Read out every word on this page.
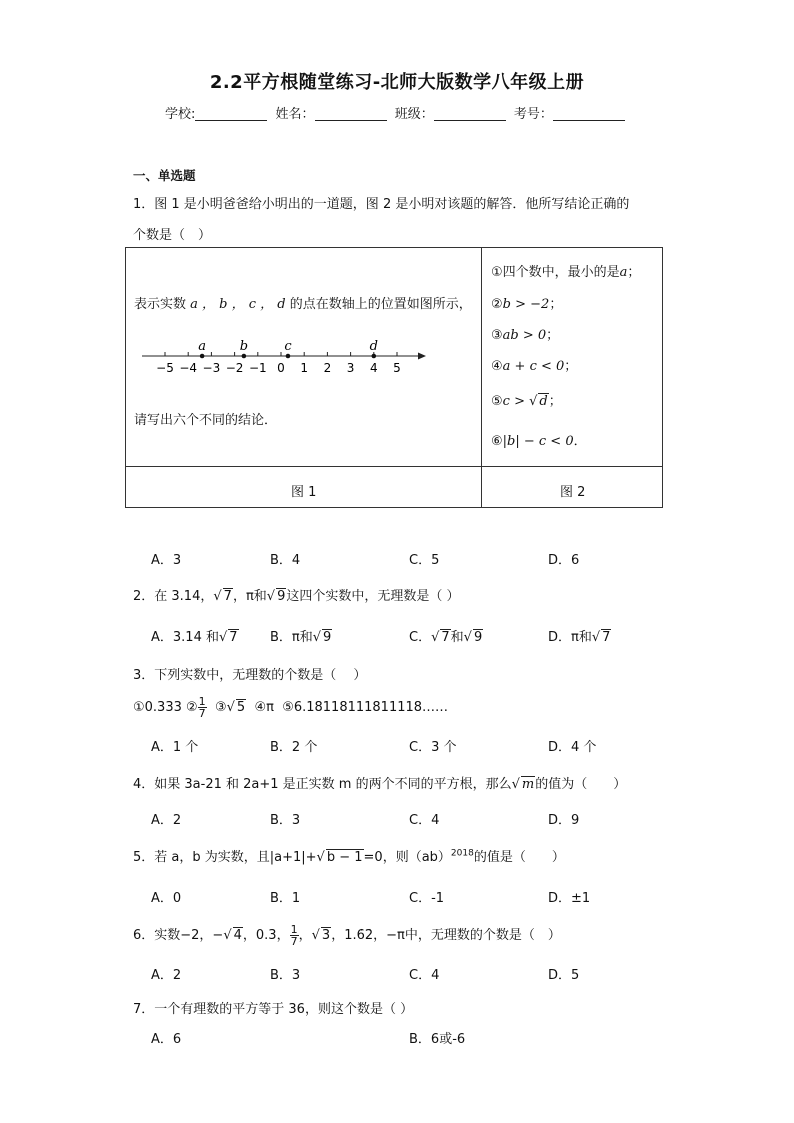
2.2平方根随堂练习-北师大版数学八年级上册
学校:	姓名：	班级：	考号：
一、单选题
1．图 1 是小明爸爸给小明出的一道题，图 2 是小明对该题的解答．他所写结论正确的
个数是（　）
表示实数 a ， b ， c ， d 的点在数轴上的位置如图所示，
−5 −4 −3 −2 −1 0 1 2 3 4 5
a	b	c	d
请写出六个不同的结论．
图 1	图 2
①四个数中，最小的是a；
②b > −2；
③ab > 0；
④a + c < 0；
⑤c > √ d；
⑥|b| − c < 0．
A．3	B．4	C．5	D．6
2．在 3.14，√ 7，π和√ 9这四个实数中，无理数是（ ）
A．3.14 和√ 7 B．π和√ 9	C．√ 7和√ 9	D．π和√ 7
3．下列实数中，无理数的个数是（　 ）
①0.333 ② $\frac{1}{7}$ ③√ 5 ④π ⑤6.18118111811118……
A．1 个	B．2 个	C．3 个	D．4 个
4．如果 3a-21 和 2a+1 是正实数 m 的两个不同的平方根，那么√ m的值为（　　）
A．2	B．3	C．4	D．9
5．若 a，b 为实数，且|a+1|+√ b − 1=0，则（ab）$^{2018}$的值是（　　）
A．0	B．1	C．-1	D．±1
6．实数−2，−√ 4，0.3， $\frac{1}{7}$ ，√ 3，1.6̇2̇，−π中，无理数的个数是（　）
A．2	B．3	C．4	D．5
7．一个有理数的平方等于 36，则这个数是（ ）
A．6	B．6或-6
